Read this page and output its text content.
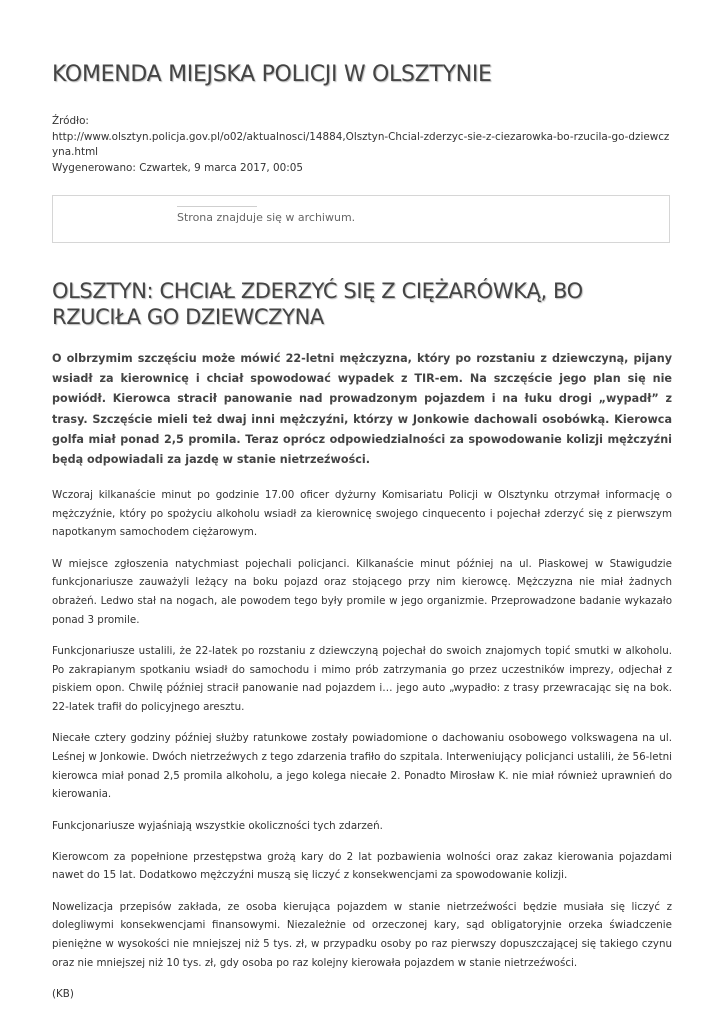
KOMENDA MIEJSKA POLICJI W OLSZTYNIE
Źródło:
http://www.olsztyn.policja.gov.pl/o02/aktualnosci/14884,Olsztyn-Chcial-zderzyc-sie-z-ciezarowka-bo-rzucila-go-dziewczyna.html
Wygenerowano: Czwartek, 9 marca 2017, 00:05
Strona znajduje się w archiwum.
OLSZTYN: CHCIAŁ ZDERZYĆ SIĘ Z CIĘŻARÓWKĄ, BO RZUCIŁA GO DZIEWCZYNA

O olbrzymim szczęściu może mówić 22-letni mężczyzna, który po rozstaniu z dziewczyną, pijany wsiadł za kierownicę i chciał spowodować wypadek z TIR-em. Na szczęście jego plan się nie powiódł. Kierowca stracił panowanie nad prowadzonym pojazdem i na łuku drogi „wypadł” z trasy. Szczęście mieli też dwaj inni mężczyźni, którzy w Jonkowie dachowali osobówką. Kierowca golfa miał ponad 2,5 promila. Teraz oprócz odpowiedzialności za spowodowanie kolizji mężczyźni będą odpowiadali za jazdę w stanie nietrzeźwości.

Wczoraj kilkanaście minut po godzinie 17.00 oficer dyżurny Komisariatu Policji w Olsztynku otrzymał informację o mężczyźnie, który po spożyciu alkoholu wsiadł za kierownicę swojego cinquecento i pojechał zderzyć się z pierwszym napotkanym samochodem ciężarowym.

W miejsce zgłoszenia natychmiast pojechali policjanci. Kilkanaście minut później na ul. Piaskowej w Stawigudzie funkcjonariusze zauważyli leżący na boku pojazd oraz stojącego przy nim kierowcę. Mężczyzna nie miał żadnych obrażeń. Ledwo stał na nogach, ale powodem tego były promile w jego organizmie. Przeprowadzone badanie wykazało ponad 3 promile.

Funkcjonariusze ustalili, że 22-latek po rozstaniu z dziewczyną pojechał do swoich znajomych topić smutki w alkoholu. Po zakrapianym spotkaniu wsiadł do samochodu i mimo prób zatrzymania go przez uczestników imprezy, odjechał z piskiem opon. Chwilę później stracił panowanie nad pojazdem i… jego auto „wypadło: z trasy przewracając się na bok. 22-latek trafił do policyjnego aresztu.

Niecałe cztery godziny później służby ratunkowe zostały powiadomione o dachowaniu osobowego volkswagena na ul. Leśnej w Jonkowie. Dwóch nietrzeźwych z tego zdarzenia trafiło do szpitala. Interweniujący policjanci ustalili, że 56-letni kierowca miał ponad 2,5 promila alkoholu, a jego kolega niecałe 2. Ponadto Mirosław K. nie miał również uprawnień do kierowania.

Funkcjonariusze wyjaśniają wszystkie okoliczności tych zdarzeń.

Kierowcom za popełnione przestępstwa grożą kary do 2 lat pozbawienia wolności oraz zakaz kierowania pojazdami nawet do 15 lat. Dodatkowo mężczyźni muszą się liczyć z konsekwencjami za spowodowanie kolizji.

Nowelizacja przepisów zakłada, ze osoba kierująca pojazdem w stanie nietrzeźwości będzie musiała się liczyć z dolegliwymi konsekwencjami finansowymi. Niezależnie od orzeczonej kary, sąd obligatoryjnie orzeka świadczenie pieniężne w wysokości nie mniejszej niż 5 tys. zł, w przypadku osoby po raz pierwszy dopuszczającej się takiego czynu oraz nie mniejszej niż 10 tys. zł, gdy osoba po raz kolejny kierowała pojazdem w stanie nietrzeźwości.

(KB)
